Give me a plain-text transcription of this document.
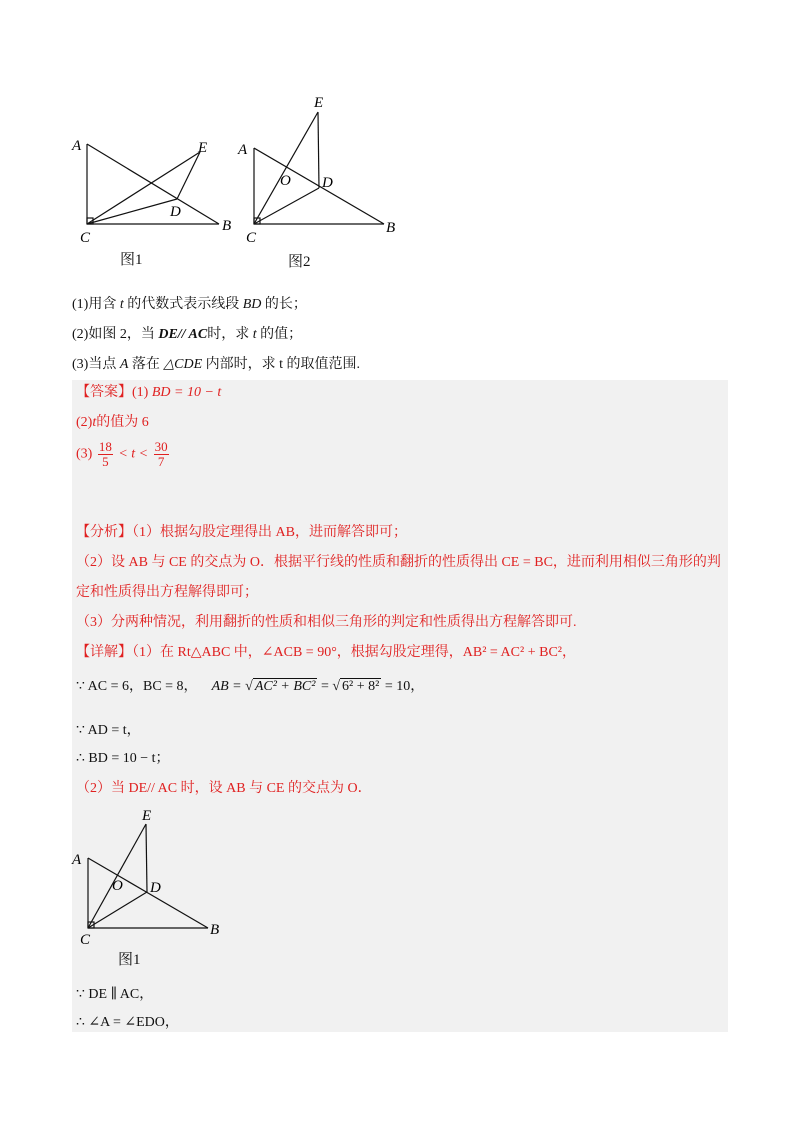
A	E
D
C
B
图1
A
E
O D
C
B
图2
(1)用含 t 的代数式表示线段 BD 的长；
(2)如图 2，当 DE// AC时，求 t 的值；
(3)当点 A 落在 △CDE 内部时，求 t 的取值范围.
【答案】(1) BD = 10 − t
(2)t的值为 6
$(3) \frac{18}{5} < t < \frac{30}{7}$
【分析】（1）根据勾股定理得出 AB，进而解答即可；
（2）设 AB 与 CE 的交点为 O．根据平行线的性质和翻折的性质得出 CE = BC，进而利用相似三角形的判
定和性质得出方程解得即可；
（3）分两种情况，利用翻折的性质和相似三角形的判定和性质得出方程解答即可.
【详解】（1）在 Rt△ABC 中，∠ACB = 90°，根据勾股定理得，AB² = AC² + BC²，
∵ AC = 6，BC = 8， AB = √ AC² + BC² = √ 6² + 8² = 10，
∵ AD = t，
∴ BD = 10 − t；
（2）当 DE// AC 时，设 AB 与 CE 的交点为 O．
A
E
O D
C
B
图1
∵ DE ∥ AC，
∴ ∠A = ∠EDO，
